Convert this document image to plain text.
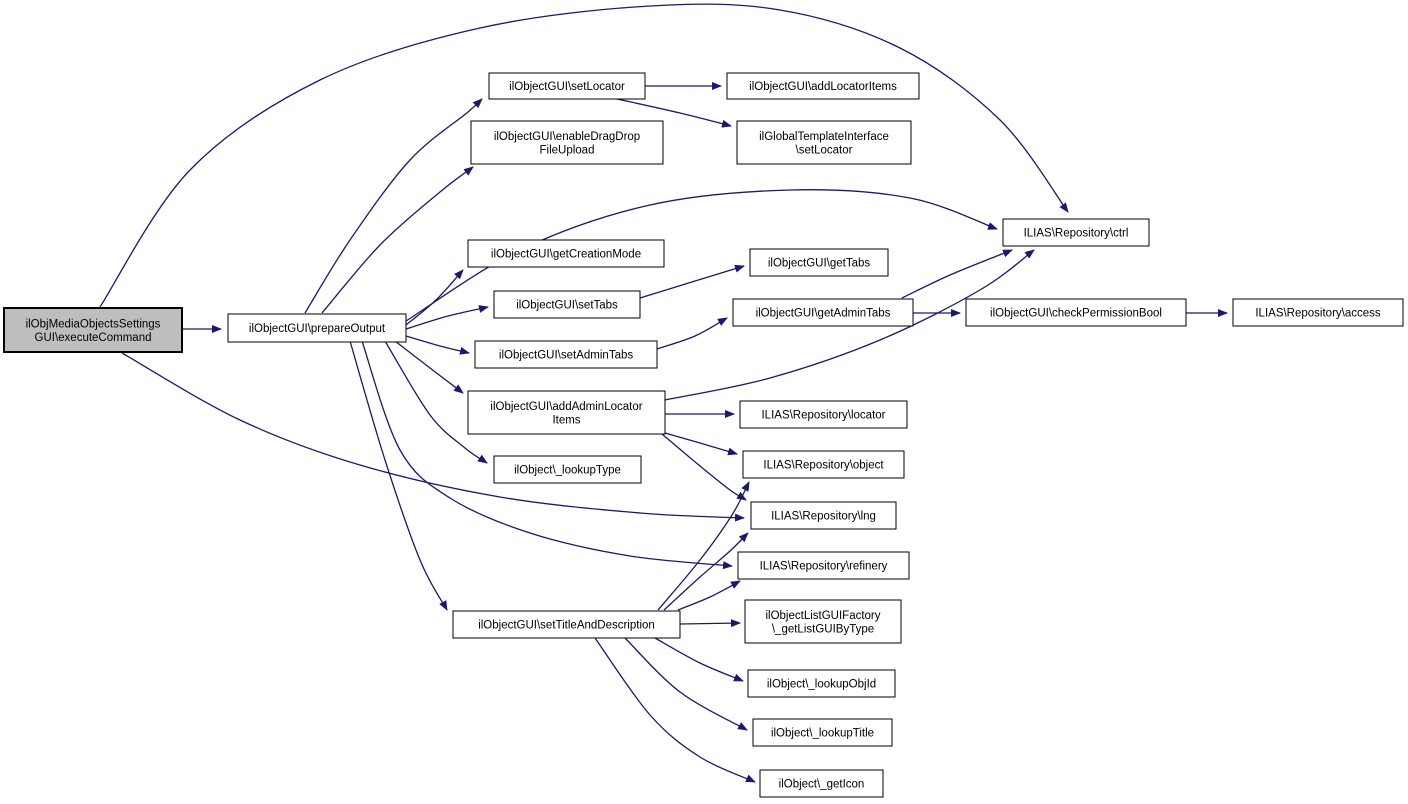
ilObjMediaObjectsSettings GUI\executeCommand
ilObjectGUI\prepareOutput
ilObjectGUI\setLocator	ilObjectGUI\addLocatorItems
ilObjectGUI\enableDragDrop FileUpload
ilGlobalTemplateInterface \setLocator
ILIAS\Repository\ctrl
ilObjectGUI\getCreationMode
ilObjectGUI\getTabs
ilObjectGUI\setTabs
ilObjectGUI\getAdminTabs	ilObjectGUI\checkPermissionBool	ILIAS\Repository\access
ilObjectGUI\setAdminTabs
ilObjectGUI\addAdminLocator Items	ILIAS\Repository\locator
ilObject\_lookupType	ILIAS\Repository\object
ILIAS\Repository\lng
ILIAS\Repository\refinery
ilObjectGUI\setTitleAndDescription
ilObjectListGUIFactory \_getListGUIByType
ilObject\_lookupObjId
ilObject\_lookupTitle
ilObject\_getIcon
